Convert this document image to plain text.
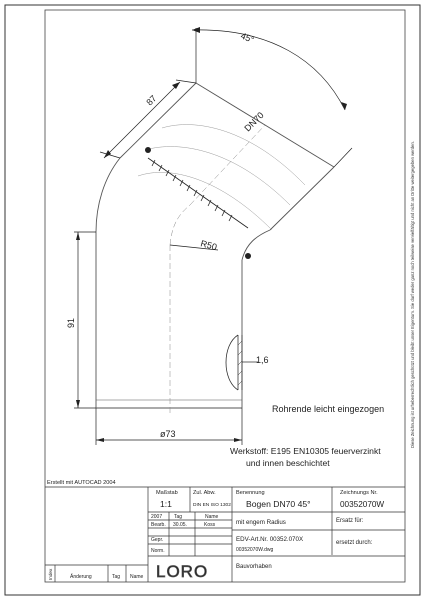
45°
87
DN70
R50
91
1,6
ø73
Rohrende leicht eingezogen
Werkstoff: E195 EN10305 feuerverzinkt
und innen beschichtet
Erstellt mit AUTOCAD 2004
Maßstab
1:1
Zul. Abw.
DIN EN ISO 1302
Benennung
Bogen DN70 45°
Zeichnungs Nr.
00352070W
2007 Tag	Name
Bearb. 30.05.	Koss
Gepr.
Norm.
mit engem Radius	Ersatz für:
EDV-Art.Nr. 00352.070X
00352070W.dwg
ersetzt durch:
LORO	Bauvorhaben
Index	Änderung	Tag Name
Diese Zeichnung ist urheberrechtlich geschützt und bleibt unser Eigentum. Sie darf weder ganz noch teilweise vervielfältigt und nicht an Dritte weitergegeben werden.
